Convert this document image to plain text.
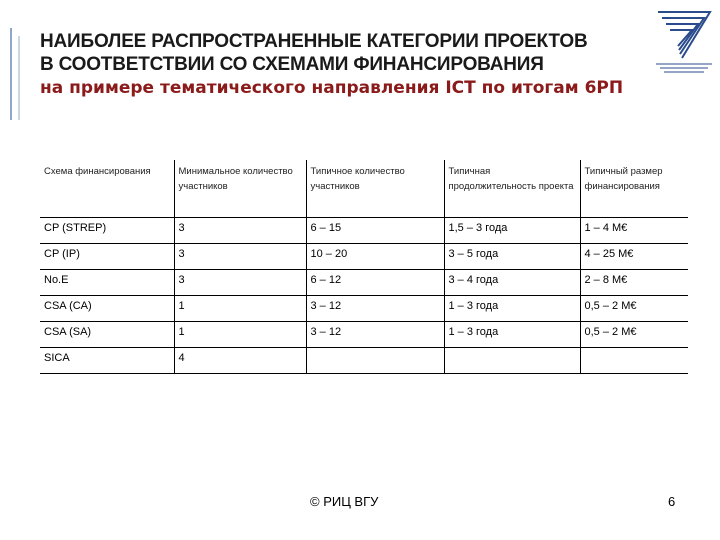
НАИБОЛЕЕ РАСПРОСТРАНЕННЫЕ КАТЕГОРИИ ПРОЕКТОВ
В СООТВЕТСТВИИ СО СХЕМАМИ ФИНАНСИРОВАНИЯ
на примере тематического направления ICT по итогам 6РП
Схема финансирования	Минимальное количество участников	Типичное количество участников	Типичная продолжительность проекта	Типичный размер финансирования
CP (STREP)	3	6 – 15	1,5 – 3 года	1 – 4 M€
CP (IP)	3	10 – 20	3 – 5 года	4 – 25 M€
No.E	3	6 – 12	3 – 4 года	2 – 8 M€
CSA (CA)	1	3 – 12	1 – 3 года	0,5 – 2 M€
CSA (SA)	1	3 – 12	1 – 3 года	0,5 – 2 M€
SICA	4			
© РИЦ ВГУ	6
